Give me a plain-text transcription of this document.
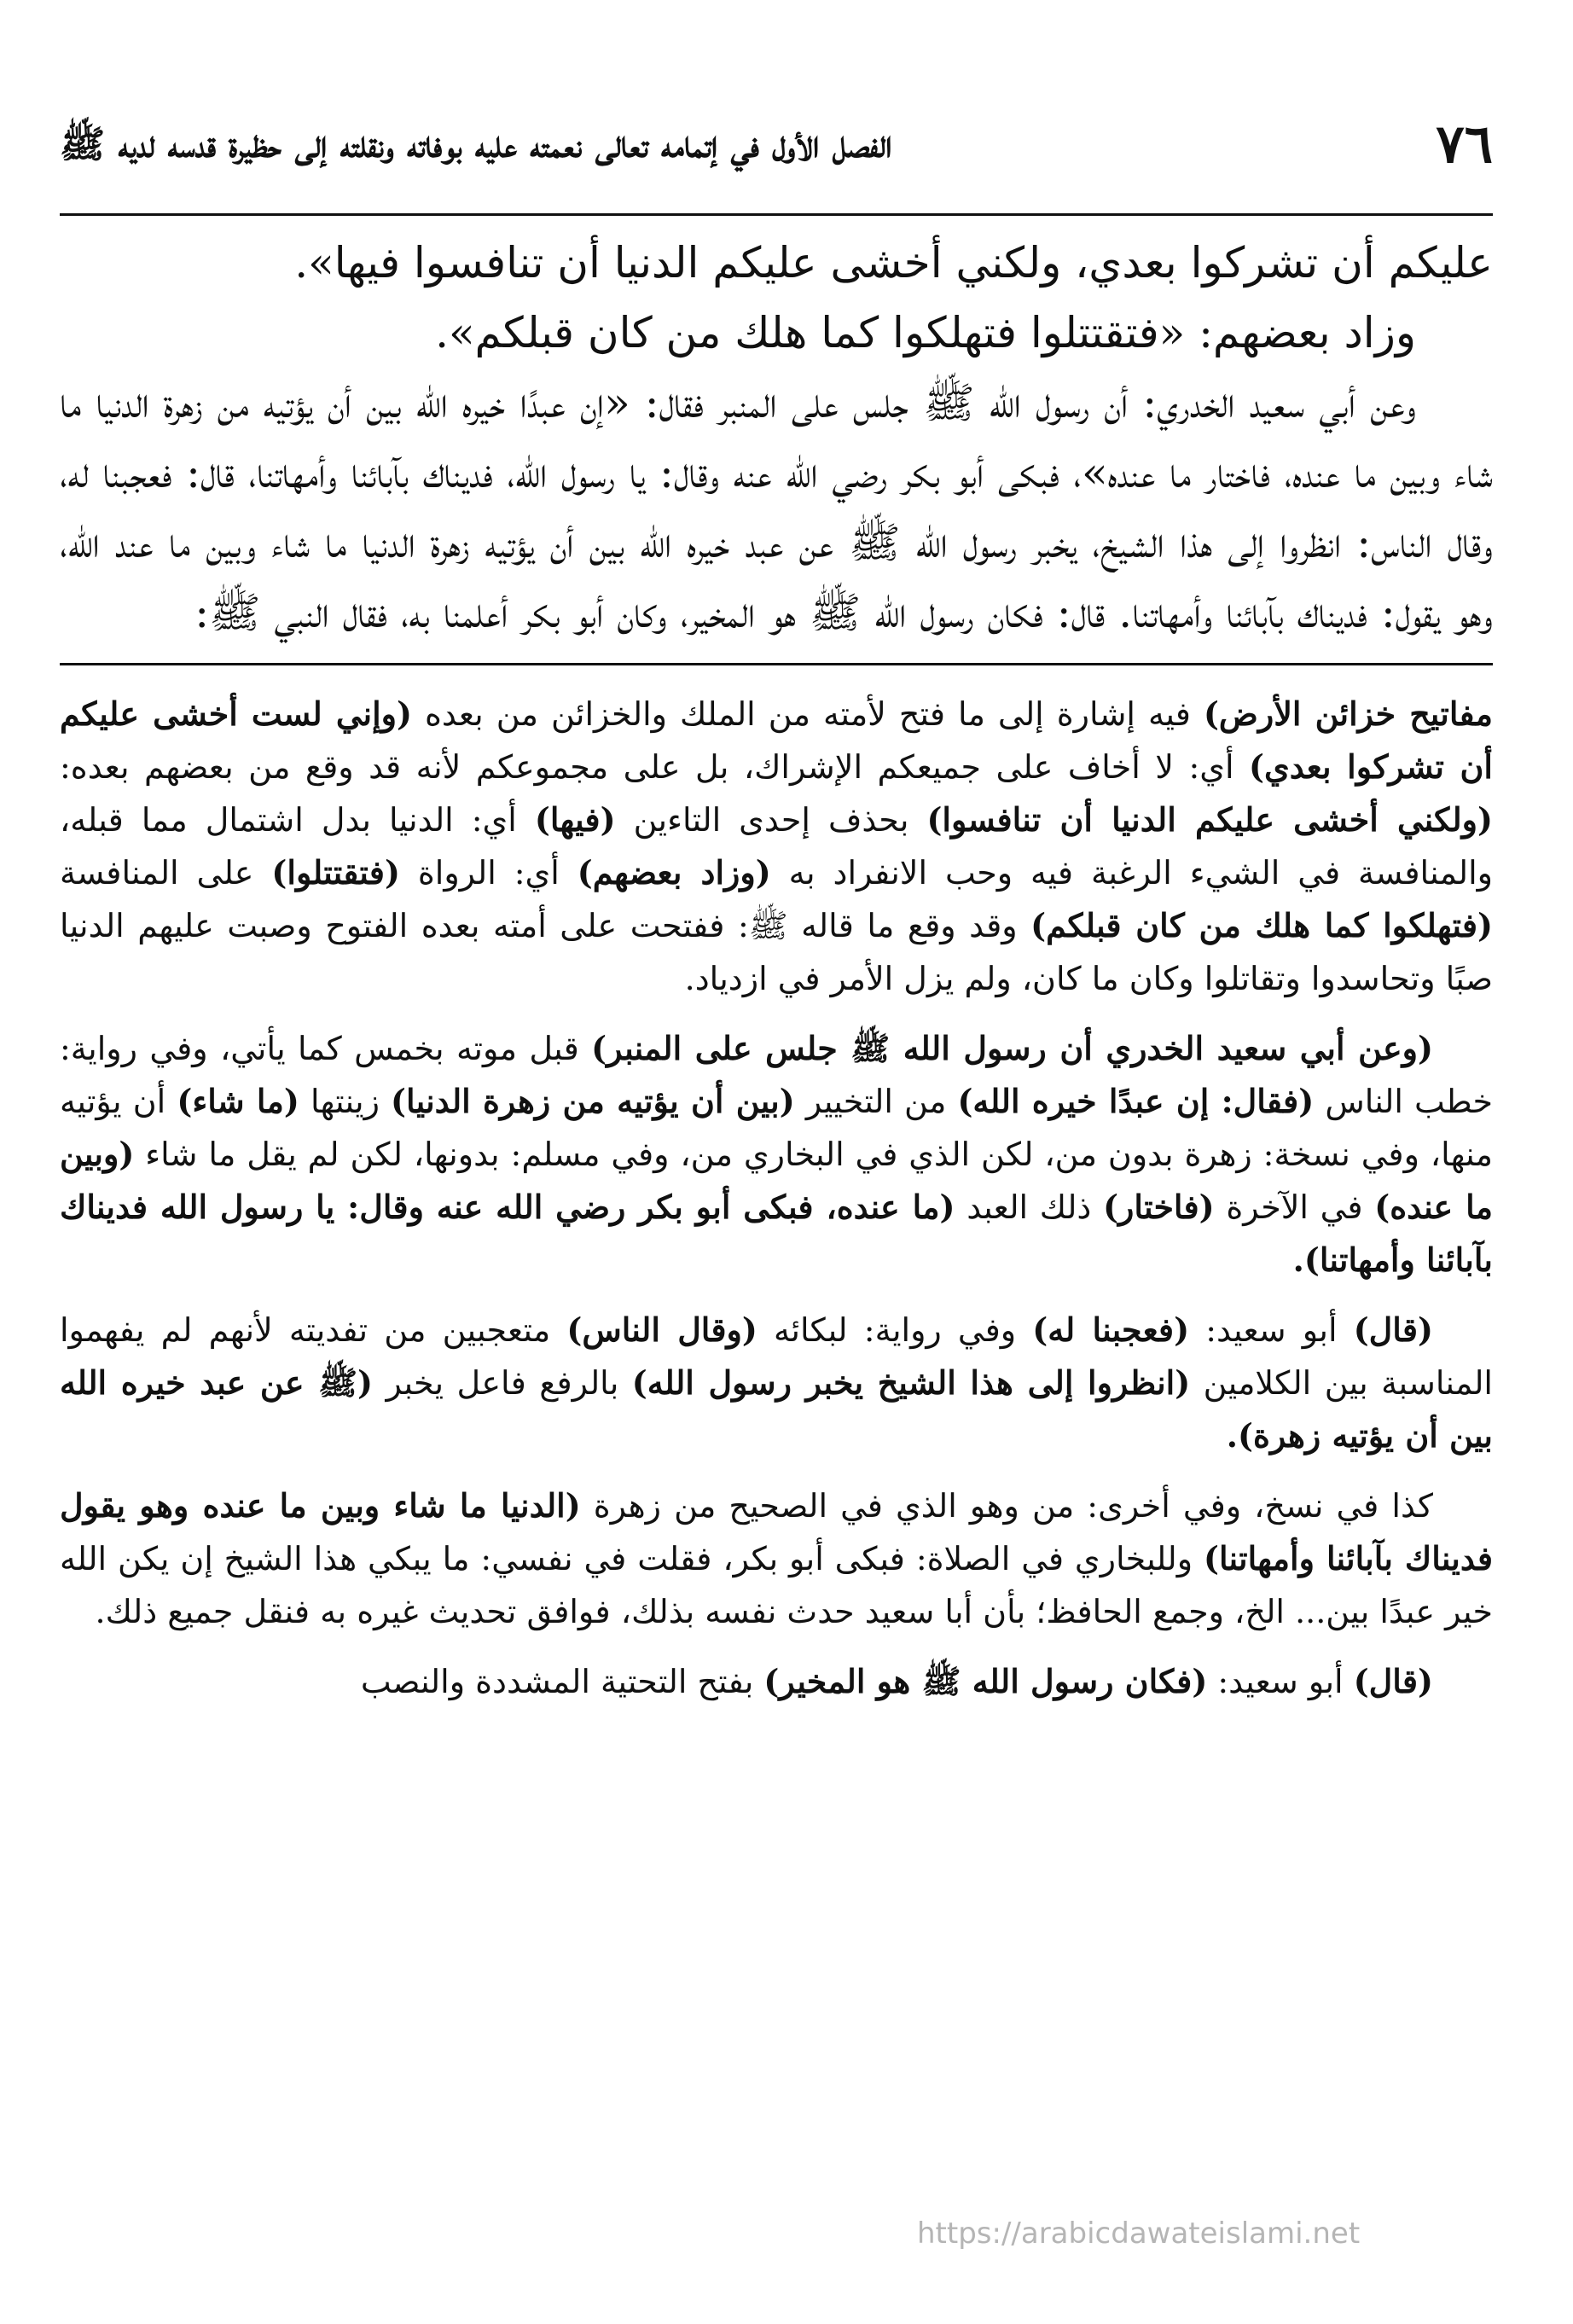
٧٦
الفصل الأول في إتمامه تعالى نعمته عليه بوفاته ونقلته إلى حظيرة قدسه لديه ﷺ

عليكم أن تشركوا بعدي، ولكني أخشى عليكم الدنيا أن تنافسوا فيها».

وزاد بعضهم: «فتقتتلوا فتهلكوا كما هلك من كان قبلكم».

وعن أبي سعيد الخدري: أن رسول الله ﷺ جلس على المنبر فقال: «إن عبدًا خيره الله بين أن يؤتيه من زهرة الدنيا ما شاء وبين ما عنده، فاختار ما عنده»، فبكى أبو بكر رضي الله عنه وقال: يا رسول الله، فديناك بآبائنا وأمهاتنا، قال: فعجبنا له، وقال الناس: انظروا إلى هذا الشيخ، يخبر رسول الله ﷺ عن عبد خيره الله بين أن يؤتيه زهرة الدنيا ما شاء وبين ما عند الله، وهو يقول: فديناك بآبائنا وأمهاتنا. قال: فكان رسول الله ﷺ هو المخير، وكان أبو بكر أعلمنا به، فقال النبي ﷺ:

مفاتيح خزائن الأرض) فيه إشارة إلى ما فتح لأمته من الملك والخزائن من بعده (وإني لست أخشى عليكم أن تشركوا بعدي) أي: لا أخاف على جميعكم الإشراك، بل على مجموعكم لأنه قد وقع من بعضهم بعده: (ولكني أخشى عليكم الدنيا أن تنافسوا) بحذف إحدى التاءين (فيها) أي: الدنيا بدل اشتمال مما قبله، والمنافسة في الشيء الرغبة فيه وحب الانفراد به (وزاد بعضهم) أي: الرواة (فتقتتلوا) على المنافسة (فتهلكوا كما هلك من كان قبلكم) وقد وقع ما قاله ﷺ: ففتحت على أمته بعده الفتوح وصبت عليهم الدنيا صبًا وتحاسدوا وتقاتلوا وكان ما كان، ولم يزل الأمر في ازدياد.

(وعن أبي سعيد الخدري أن رسول الله ﷺ جلس على المنبر) قبل موته بخمس كما يأتي، وفي رواية: خطب الناس (فقال: إن عبدًا خيره الله) من التخيير (بين أن يؤتيه من زهرة الدنيا) زينتها (ما شاء) أن يؤتيه منها، وفي نسخة: زهرة بدون من، لكن الذي في البخاري من، وفي مسلم: بدونها، لكن لم يقل ما شاء (وبين ما عنده) في الآخرة (فاختار) ذلك العبد (ما عنده، فبكى أبو بكر رضي الله عنه وقال: يا رسول الله فديناك بآبائنا وأمهاتنا).

(قال) أبو سعيد: (فعجبنا له) وفي رواية: لبكائه (وقال الناس) متعجبين من تفديته لأنهم لم يفهموا المناسبة بين الكلامين (انظروا إلى هذا الشيخ يخبر رسول الله) بالرفع فاعل يخبر (ﷺ عن عبد خيره الله بين أن يؤتيه زهرة).

كذا في نسخ، وفي أخرى: من وهو الذي في الصحيح من زهرة (الدنيا ما شاء وبين ما عنده وهو يقول فديناك بآبائنا وأمهاتنا) وللبخاري في الصلاة: فبكى أبو بكر، فقلت في نفسي: ما يبكي هذا الشيخ إن يكن الله خير عبدًا بين... الخ، وجمع الحافظ؛ بأن أبا سعيد حدث نفسه بذلك، فوافق تحديث غيره به فنقل جميع ذلك.

(قال) أبو سعيد: (فكان رسول الله ﷺ هو المخير) بفتح التحتية المشددة والنصب

https://arabicdawateislami.net
